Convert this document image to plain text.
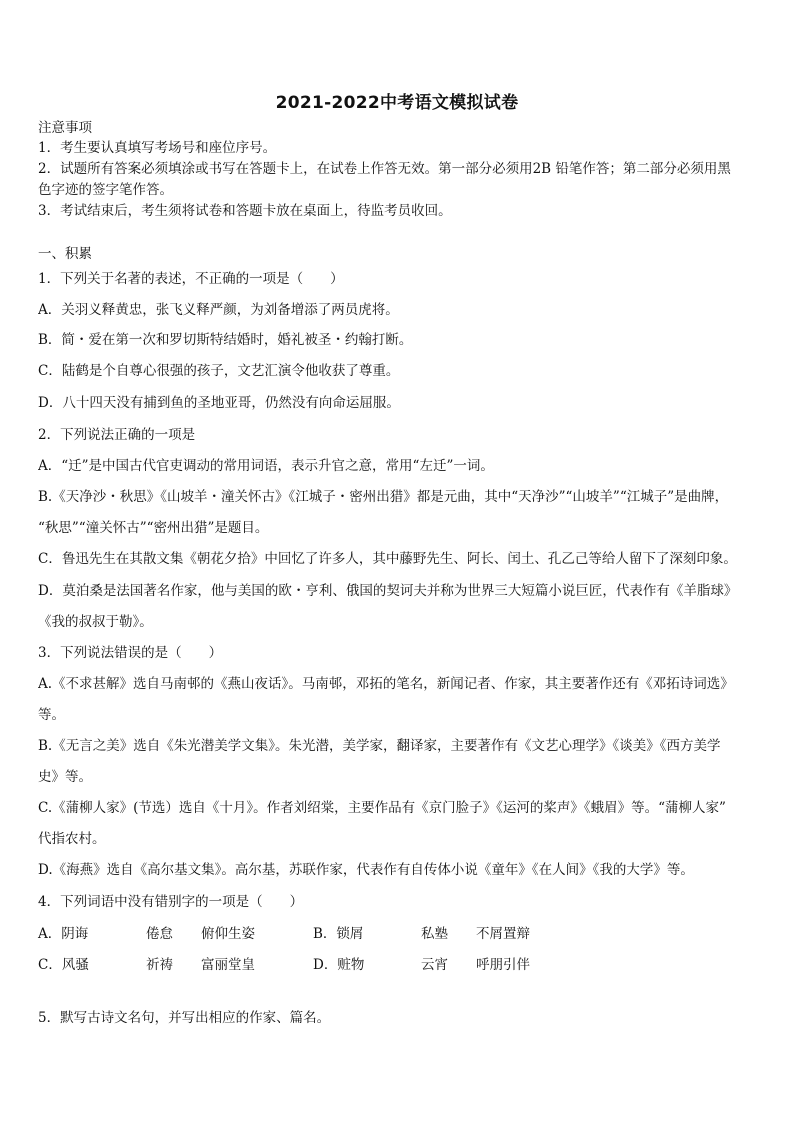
2021-2022中考语文模拟试卷
注意事项
1．考生要认真填写考场号和座位序号。
2．试题所有答案必须填涂或书写在答题卡上，在试卷上作答无效。第一部分必须用2B 铅笔作答；第二部分必须用黑
色字迹的签字笔作答。
3．考试结束后，考生须将试卷和答题卡放在桌面上，待监考员收回。
一、积累
1．下列关于名著的表述，不正确的一项是（　　）
A．关羽义释黄忠，张飞义释严颜，为刘备增添了两员虎将。
B．简・爱在第一次和罗切斯特结婚时，婚礼被圣・约翰打断。
C．陆鹤是个自尊心很强的孩子，文艺汇演令他收获了尊重。
D．八十四天没有捕到鱼的圣地亚哥，仍然没有向命运屈服。
2．下列说法正确的一项是
A．“迁”是中国古代官吏调动的常用词语，表示升官之意，常用“左迁”一词。
B.《天净沙・秋思》《山坡羊・潼关怀古》《江城子・密州出猎》都是元曲，其中“天净沙”“山坡羊”“江城子”是曲牌，
“秋思”“潼关怀古”“密州出猎”是题目。
C．鲁迅先生在其散文集《朝花夕拾》中回忆了许多人，其中藤野先生、阿长、闰土、孔乙己等给人留下了深刻印象。
D．莫泊桑是法国著名作家，他与美国的欧・亨利、俄国的契诃夫并称为世界三大短篇小说巨匠，代表作有《羊脂球》
《我的叔叔于勒》。
3．下列说法错误的是（　　）
A.《不求甚解》选自马南邨的《燕山夜话》。马南邨，邓拓的笔名，新闻记者、作家，其主要著作还有《邓拓诗词选》
等。
B.《无言之美》选自《朱光潜美学文集》。朱光潜，美学家，翻译家，主要著作有《文艺心理学》《谈美》《西方美学
史》等。
C.《蒲柳人家》(节选）选自《十月》。作者刘绍棠，主要作品有《京门脸子》《运河的桨声》《蛾眉》等。“蒲柳人家”
代指农村。
D.《海燕》选自《高尔基文集》。高尔基，苏联作家，代表作有自传体小说《童年》《在人间》《我的大学》等。
4．下列词语中没有错别字的一项是（　　）
A．阴诲	倦怠 俯仰生姿	B．锁屑	私塾 不屑置辩
C．风骚	祈祷 富丽堂皇	D．赃物	云宵 呼朋引伴
5．默写古诗文名句，并写出相应的作家、篇名。
